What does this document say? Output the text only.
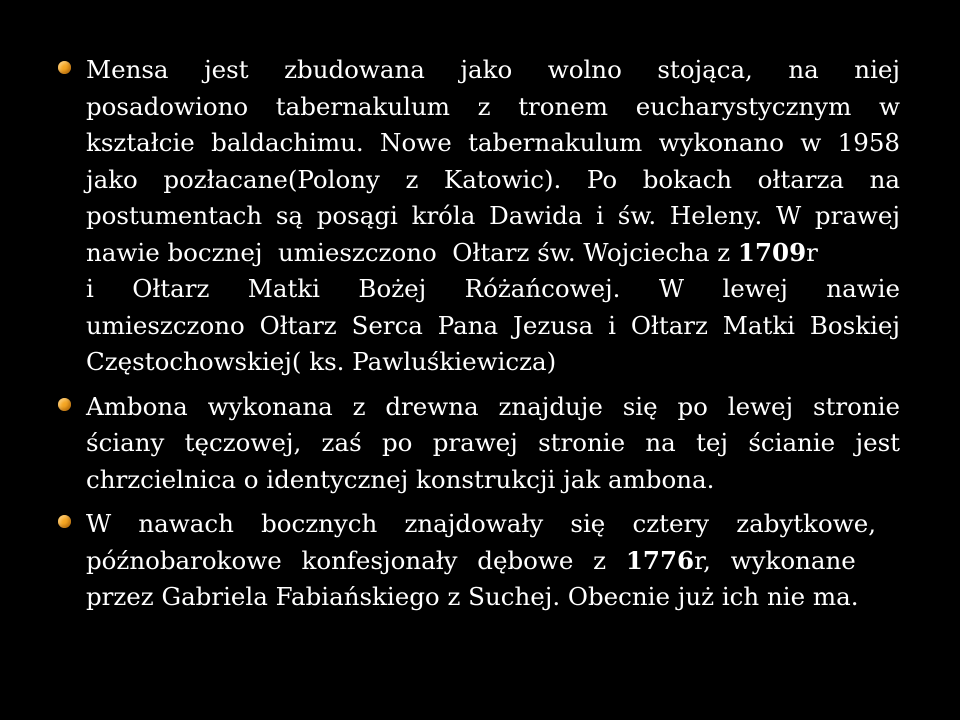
Mensa jest zbudowana jako wolno stojąca, na niej
posadowiono tabernakulum z tronem eucharystycznym w
kształcie baldachimu. Nowe tabernakulum wykonano w 1958
jako pozłacane(Polony z Katowic). Po bokach ołtarza na
postumentach są posągi króla Dawida i św. Heleny. W prawej
nawie bocznej  umieszczono  Ołtarz św. Wojciecha z 1709r
i Ołtarz Matki Bożej Różańcowej. W lewej nawie
umieszczono Ołtarz Serca Pana Jezusa i Ołtarz Matki Boskiej
Częstochowskiej( ks. Pawluśkiewicza)
Ambona wykonana z drewna znajduje się po lewej stronie
ściany tęczowej, zaś po prawej stronie na tej ścianie jest
chrzcielnica o identycznej konstrukcji jak ambona.
W nawach bocznych znajdowały się cztery zabytkowe,
późnobarokowe konfesjonały dębowe z 1776r, wykonane
przez Gabriela Fabiańskiego z Suchej. Obecnie już ich nie ma.
